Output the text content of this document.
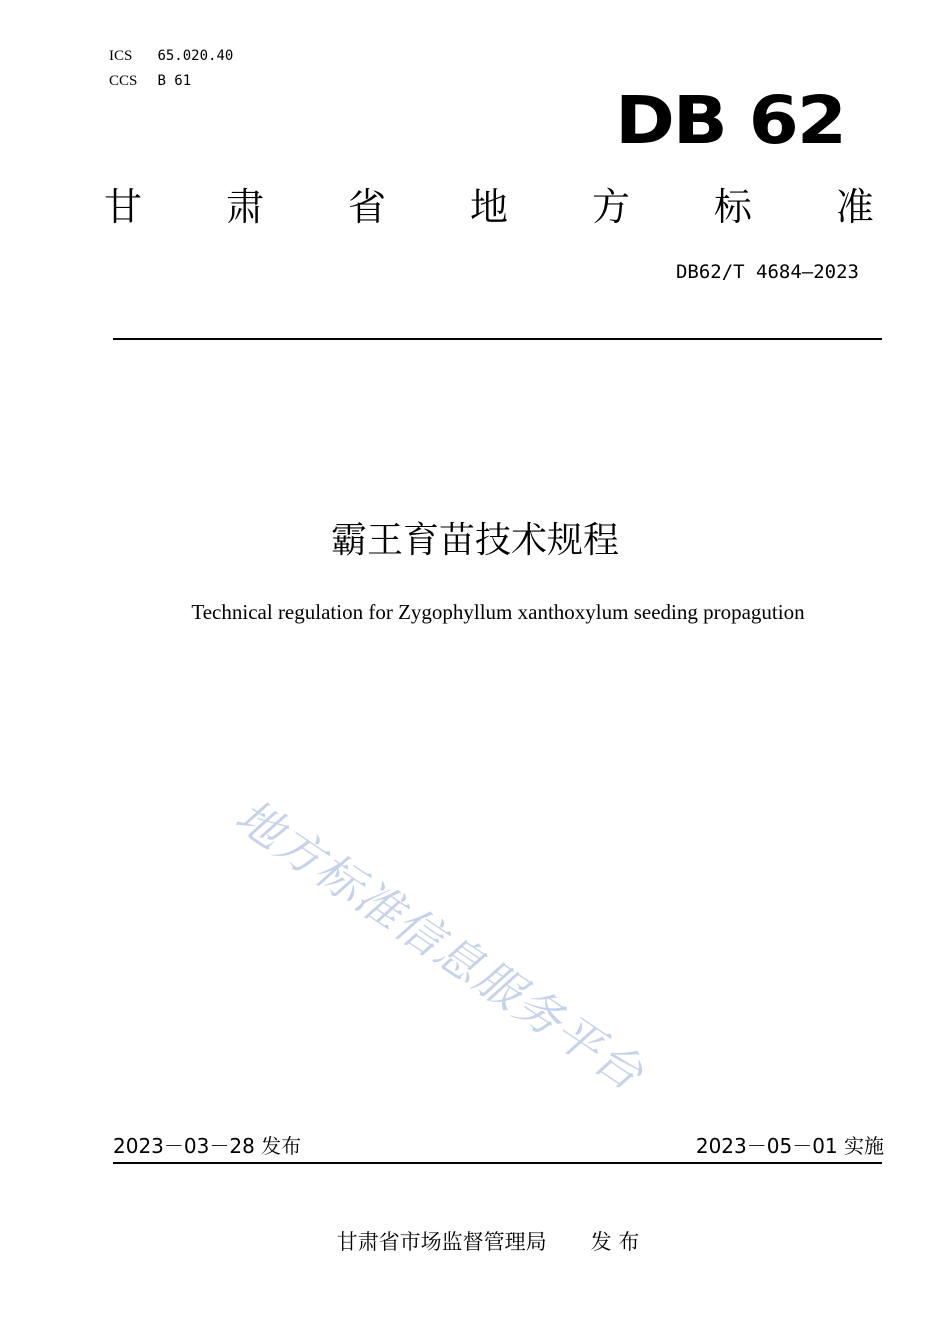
ICS 65.020.40
CCS B 61
DB 62
甘 肃 省 地 方 标 准
DB62/T 4684—2023
霸王育苗技术规程
Technical regulation for Zygophyllum xanthoxylum seeding propagution
地方标准信息服务平台
2023－03－28 发布	2023－05－01 实施
甘肃省市场监督管理局 发 布
